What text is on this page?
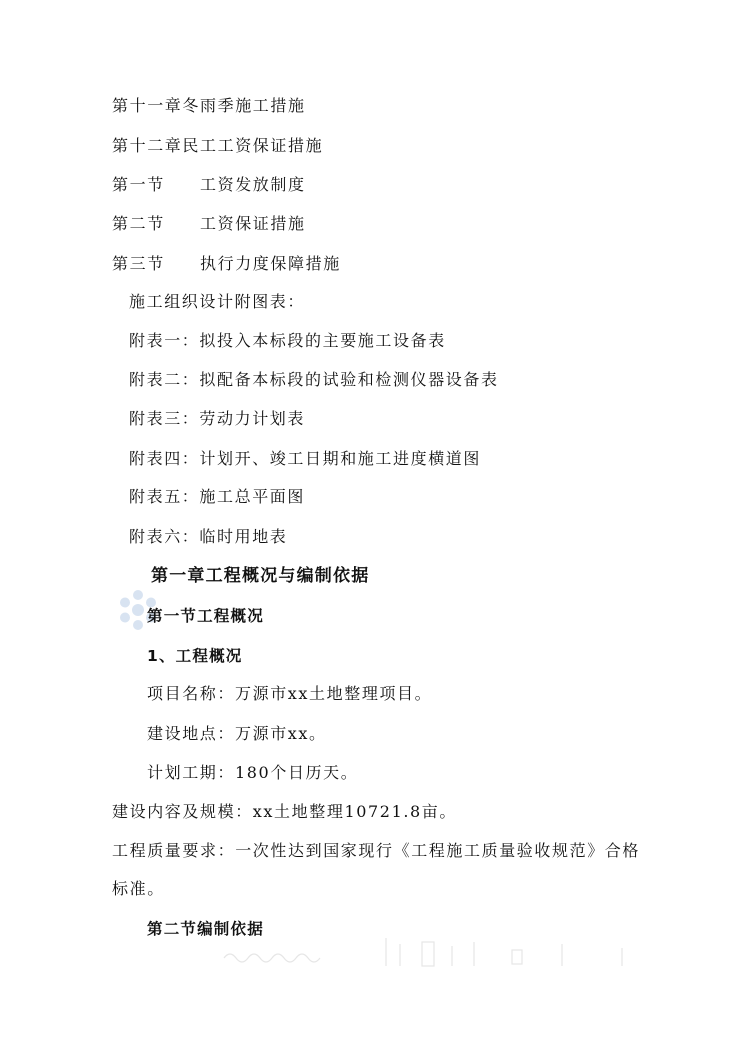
第十一章冬雨季施工措施
第十二章民工工资保证措施
第一节 工资发放制度
第二节 工资保证措施
第三节 执行力度保障措施
施工组织设计附图表：
附表一：拟投入本标段的主要施工设备表
附表二：拟配备本标段的试验和检测仪器设备表
附表三：劳动力计划表
附表四：计划开、竣工日期和施工进度横道图
附表五：施工总平面图
附表六：临时用地表
第一章工程概况与编制依据
第一节工程概况
1、工程概况
项目名称：万源市xx土地整理项目。
建设地点：万源市xx。
计划工期：180个日历天。
建设内容及规模：xx土地整理10721.8亩。
工程质量要求：一次性达到国家现行《工程施工质量验收规范》合格
标准。
第二节编制依据
